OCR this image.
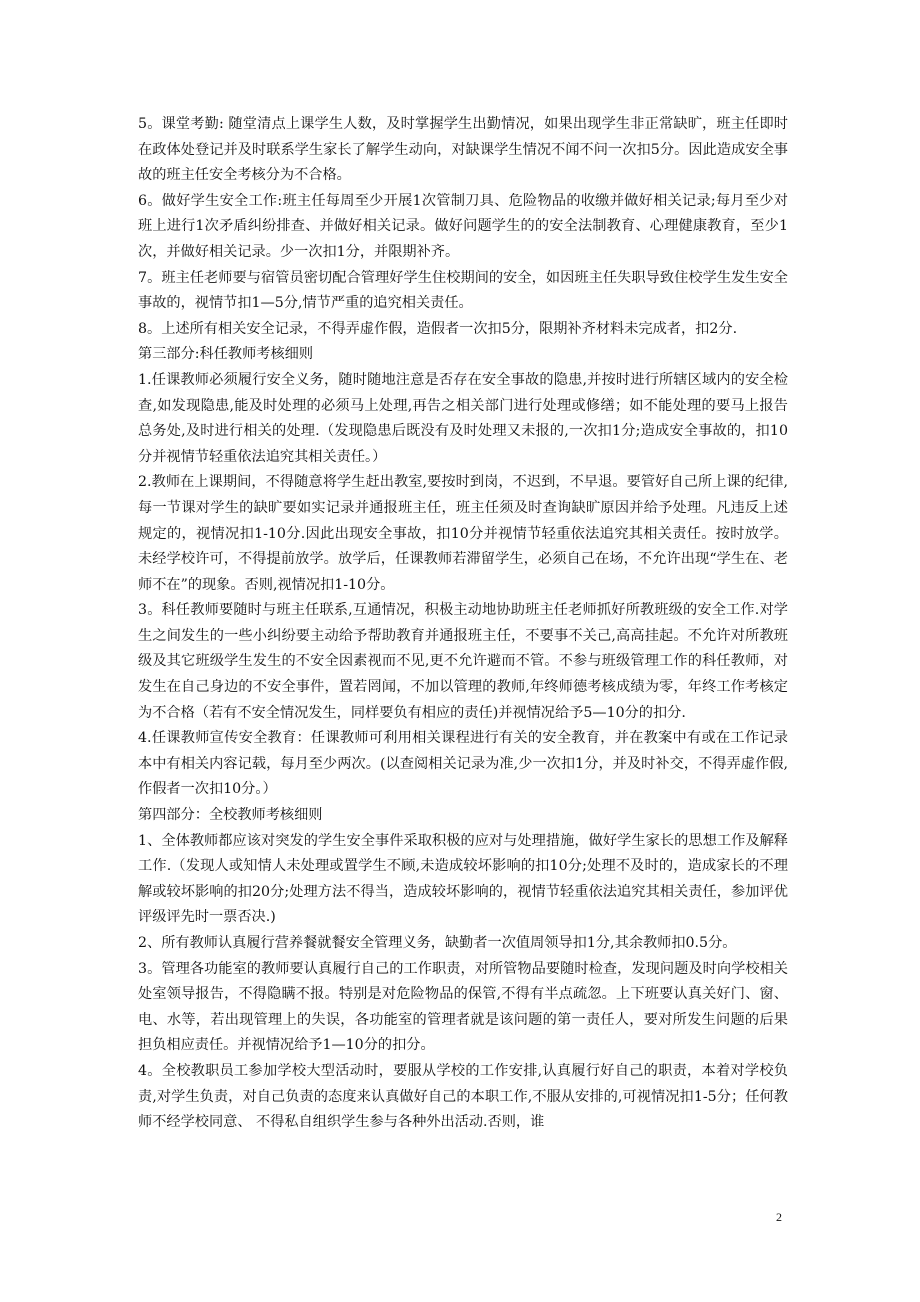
5。课堂考勤: 随堂清点上课学生人数，及时掌握学生出勤情况，如果出现学生非正常缺旷，班主任即时在政体处登记并及时联系学生家长了解学生动向，对缺课学生情况不闻不问一次扣5分。因此造成安全事故的班主任安全考核分为不合格。

6。做好学生安全工作:班主任每周至少开展1次管制刀具、危险物品的收缴并做好相关记录;每月至少对班上进行1次矛盾纠纷排查、并做好相关记录。做好问题学生的的安全法制教育、心理健康教育，至少1次，并做好相关记录。少一次扣1分，并限期补齐。

7。班主任老师要与宿管员密切配合管理好学生住校期间的安全，如因班主任失职导致住校学生发生安全事故的，视情节扣1—5分,情节严重的追究相关责任。

8。上述所有相关安全记录，不得弄虚作假，造假者一次扣5分，限期补齐材料未完成者，扣2分.

第三部分:科任教师考核细则

1.任课教师必须履行安全义务，随时随地注意是否存在安全事故的隐患,并按时进行所辖区域内的安全检查,如发现隐患,能及时处理的必须马上处理,再告之相关部门进行处理或修缮；如不能处理的要马上报告总务处,及时进行相关的处理.（发现隐患后既没有及时处理又未报的,一次扣1分;造成安全事故的，扣10分并视情节轻重依法追究其相关责任。）

2.教师在上课期间，不得随意将学生赶出教室,要按时到岗，不迟到，不早退。要管好自己所上课的纪律,每一节课对学生的缺旷要如实记录并通报班主任，班主任须及时查询缺旷原因并给予处理。凡违反上述规定的，视情况扣1-10分.因此出现安全事故，扣10分并视情节轻重依法追究其相关责任。按时放学。未经学校许可，不得提前放学。放学后，任课教师若滞留学生，必须自己在场，不允许出现“学生在、老师不在”的现象。否则,视情况扣1-10分。

3。科任教师要随时与班主任联系,互通情况，积极主动地协助班主任老师抓好所教班级的安全工作.对学生之间发生的一些小纠纷要主动给予帮助教育并通报班主任，不要事不关己,高高挂起。不允许对所教班级及其它班级学生发生的不安全因素视而不见,更不允许避而不管。不参与班级管理工作的科任教师，对发生在自己身边的不安全事件，置若罔闻，不加以管理的教师,年终师德考核成绩为零，年终工作考核定为不合格（若有不安全情况发生，同样要负有相应的责任)并视情况给予5—10分的扣分.

4.任课教师宣传安全教育：任课教师可利用相关课程进行有关的安全教育，并在教案中有或在工作记录本中有相关内容记载，每月至少两次。(以查阅相关记录为准,少一次扣1分，并及时补交，不得弄虚作假,作假者一次扣10分。）

第四部分：全校教师考核细则

1、全体教师都应该对突发的学生安全事件采取积极的应对与处理措施，做好学生家长的思想工作及解释工作.（发现人或知情人未处理或置学生不顾,未造成较坏影响的扣10分;处理不及时的，造成家长的不理解或较坏影响的扣20分;处理方法不得当，造成较坏影响的，视情节轻重依法追究其相关责任，参加评优评级评先时一票否决.)

2、所有教师认真履行营养餐就餐安全管理义务，缺勤者一次值周领导扣1分,其余教师扣0.5分。

3。管理各功能室的教师要认真履行自己的工作职责，对所管物品要随时检查，发现问题及时向学校相关处室领导报告，不得隐瞒不报。特别是对危险物品的保管,不得有半点疏忽。上下班要认真关好门、窗、电、水等，若出现管理上的失误，各功能室的管理者就是该问题的第一责任人，要对所发生问题的后果担负相应责任。并视情况给予1—10分的扣分。

4。全校教职员工参加学校大型活动时，要服从学校的工作安排,认真履行好自己的职责，本着对学校负责,对学生负责，对自己负责的态度来认真做好自己的本职工作,不服从安排的,可视情况扣1-5分；任何教师不经学校同意、 不得私自组织学生参与各种外出活动.否则，谁

2
